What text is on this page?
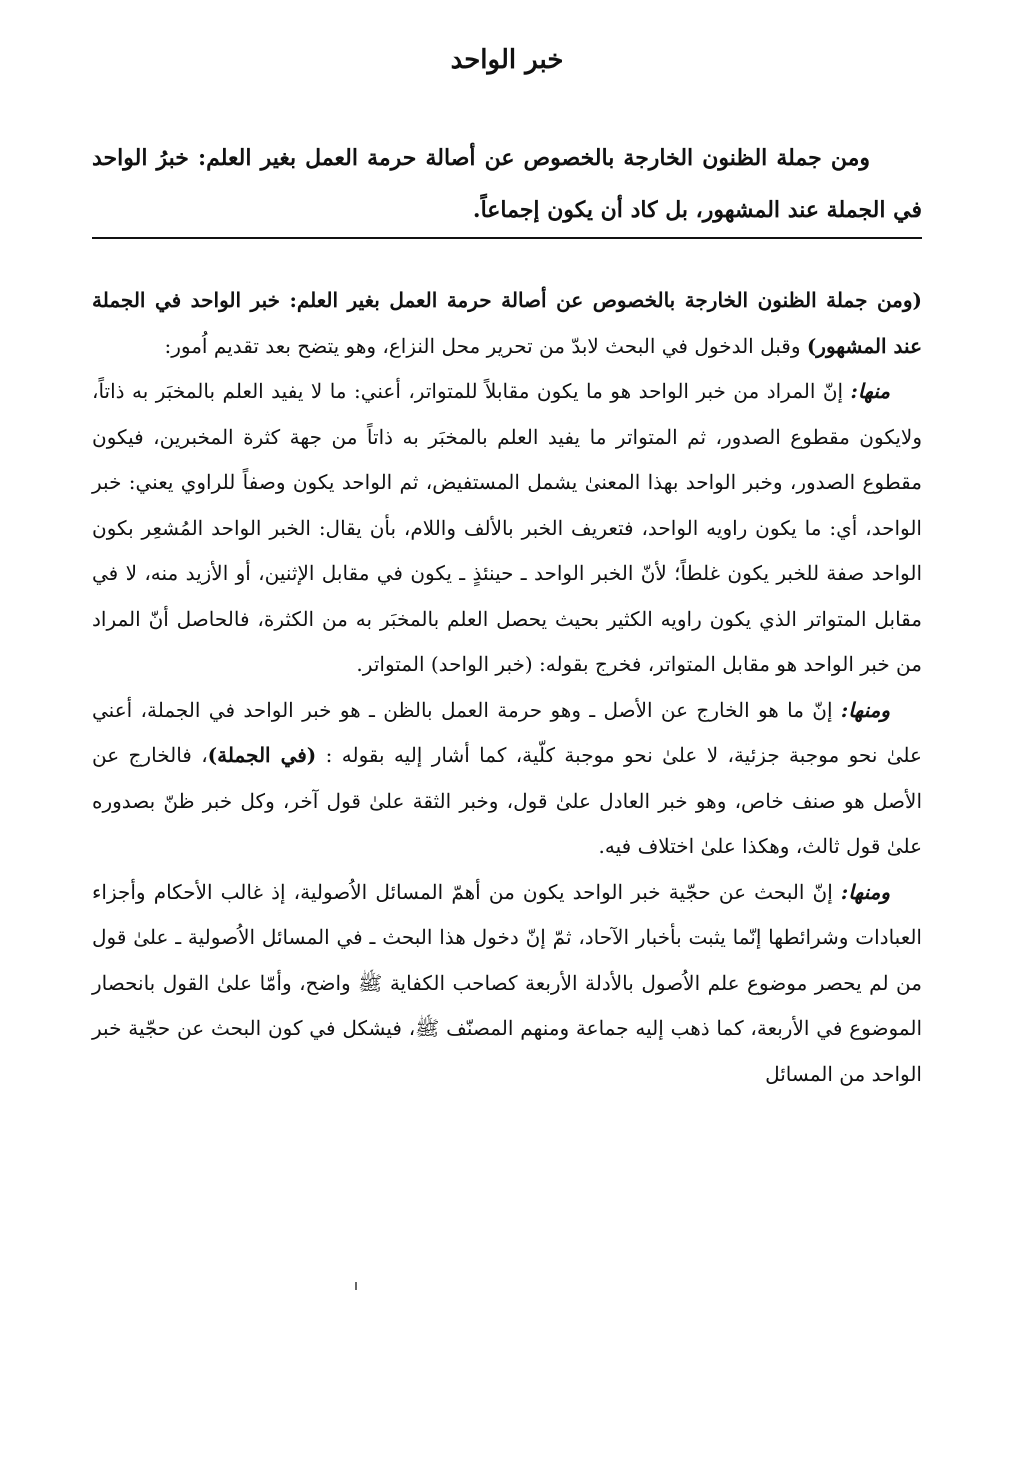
خبر الواحد

ومن جملة الظنون الخارجة بالخصوص عن أصالة حرمة العمل بغير العلم: خبرُ الواحد في الجملة عند المشهور، بل كاد أن يكون إجماعاً.

(ومن جملة الظنون الخارجة بالخصوص عن أصالة حرمة العمل بغير العلم: خبر الواحد في الجملة عند المشهور) وقبل الدخول في البحث لابدّ من تحرير محل النزاع، وهو يتضح بعد تقديم اُمور:

منها: إنّ المراد من خبر الواحد هو ما يكون مقابلاً للمتواتر، أعني: ما لا يفيد العلم بالمخبَر به ذاتاً، ولايكون مقطوع الصدور، ثم المتواتر ما يفيد العلم بالمخبَر به ذاتاً من جهة كثرة المخبرين، فيكون مقطوع الصدور، وخبر الواحد بهذا المعنىٰ يشمل المستفيض، ثم الواحد يكون وصفاً للراوي يعني: خبر الواحد، أي: ما يكون راويه الواحد، فتعريف الخبر بالألف واللام، بأن يقال: الخبر الواحد المُشعِر بكون الواحد صفة للخبر يكون غلطاً؛ لأنّ الخبر الواحد ـ حينئذٍ ـ يكون في مقابل الإثنين، أو الأزيد منه، لا في مقابل المتواتر الذي يكون راويه الكثير بحيث يحصل العلم بالمخبَر به من الكثرة، فالحاصل أنّ المراد من خبر الواحد هو مقابل المتواتر، فخرج بقوله: (خبر الواحد) المتواتر.

ومنها: إنّ ما هو الخارج عن الأصل ـ وهو حرمة العمل بالظن ـ هو خبر الواحد في الجملة، أعني علىٰ نحو موجبة جزئية، لا علىٰ نحو موجبة كلّية، كما أشار إليه بقوله : (في الجملة)، فالخارج عن الأصل هو صنف خاص، وهو خبر العادل علىٰ قول، وخبر الثقة علىٰ قول آخر، وكل خبر ظنّ بصدوره علىٰ قول ثالث، وهكذا علىٰ اختلاف فيه.

ومنها: إنّ البحث عن حجّية خبر الواحد يكون من أهمّ المسائل الاُصولية، إذ غالب الأحكام وأجزاء العبادات وشرائطها إنّما يثبت بأخبار الآحاد، ثمّ إنّ دخول هذا البحث ـ في المسائل الاُصولية ـ علىٰ قول من لم يحصر موضوع علم الاُصول بالأدلة الأربعة كصاحب الكفاية ﷺ واضح، وأمّا علىٰ القول بانحصار الموضوع في الأربعة، كما ذهب إليه جماعة ومنهم المصنّف ﷺ، فيشكل في كون البحث عن حجّية خبر الواحد من المسائل
